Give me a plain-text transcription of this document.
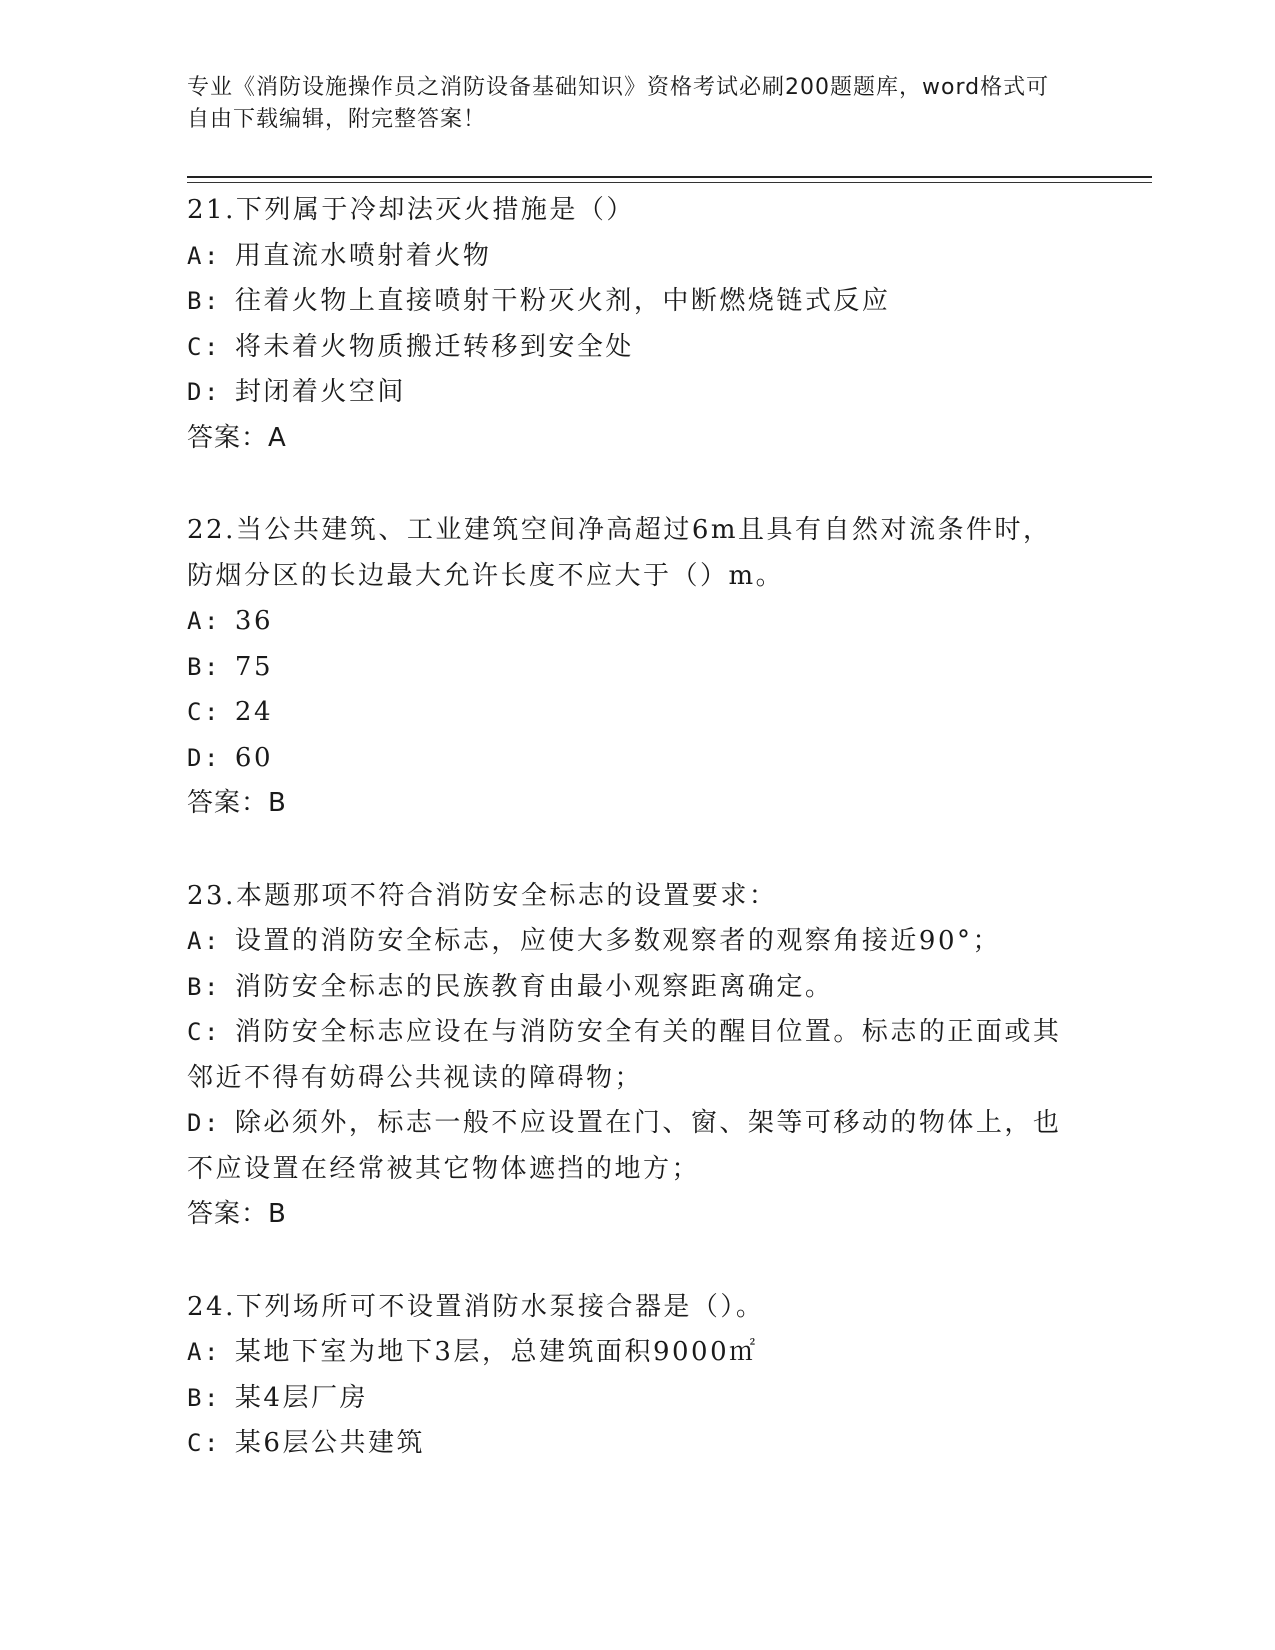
专业《消防设施操作员之消防设备基础知识》资格考试必刷200题题库，word格式可自由下载编辑，附完整答案！

21.下列属于冷却法灭火措施是（）

A: 用直流水喷射着火物
B: 往着火物上直接喷射干粉灭火剂，中断燃烧链式反应
C: 将未着火物质搬迁转移到安全处
D: 封闭着火空间

答案：A

22.当公共建筑、工业建筑空间净高超过6m且具有自然对流条件时，防烟分区的长边最大允许长度不应大于（）m。

A: 36
B: 75
C: 24
D: 60

答案：B

23.本题那项不符合消防安全标志的设置要求：

A: 设置的消防安全标志，应使大多数观察者的观察角接近90°；
B: 消防安全标志的民族教育由最小观察距离确定。
C: 消防安全标志应设在与消防安全有关的醒目位置。标志的正面或其邻近不得有妨碍公共视读的障碍物；
D: 除必须外，标志一般不应设置在门、窗、架等可移动的物体上，也不应设置在经常被其它物体遮挡的地方；

答案：B

24.下列场所可不设置消防水泵接合器是（）。

A: 某地下室为地下3层，总建筑面积9000㎡
B: 某4层厂房
C: 某6层公共建筑
